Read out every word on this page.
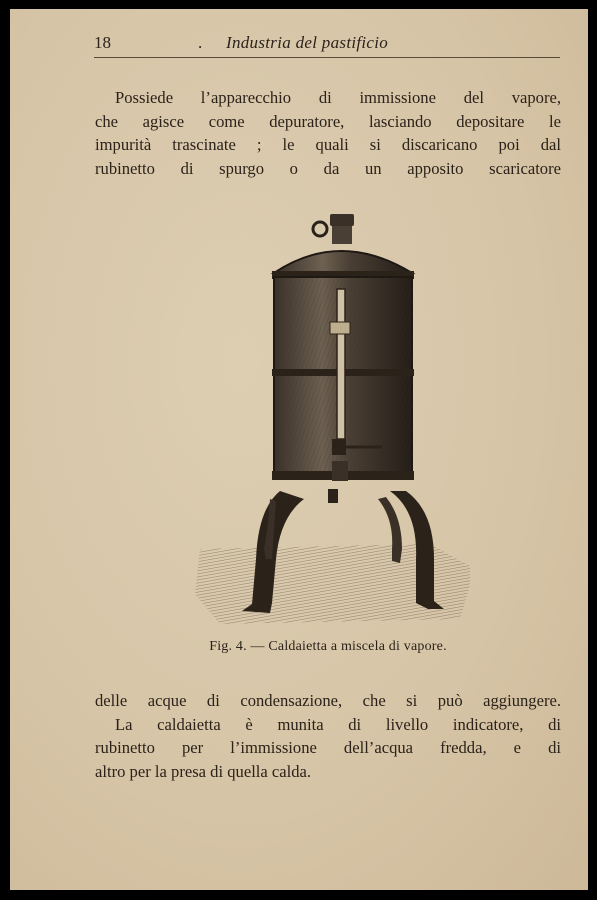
18	. Industria del pastificio

Possiede l’apparecchio di immissione del vapore,

che agisce come depuratore, lasciando depositare le

impurità trascinate ; le quali si discaricano poi dal

rubinetto di spurgo o da un apposito scaricatore

Fig. 4. — Caldaietta a miscela di vapore.

delle acque di condensazione, che si può aggiungere.

La caldaietta è munita di livello indicatore, di

rubinetto per l’immissione dell’acqua fredda, e di

altro per la presa di quella calda.
